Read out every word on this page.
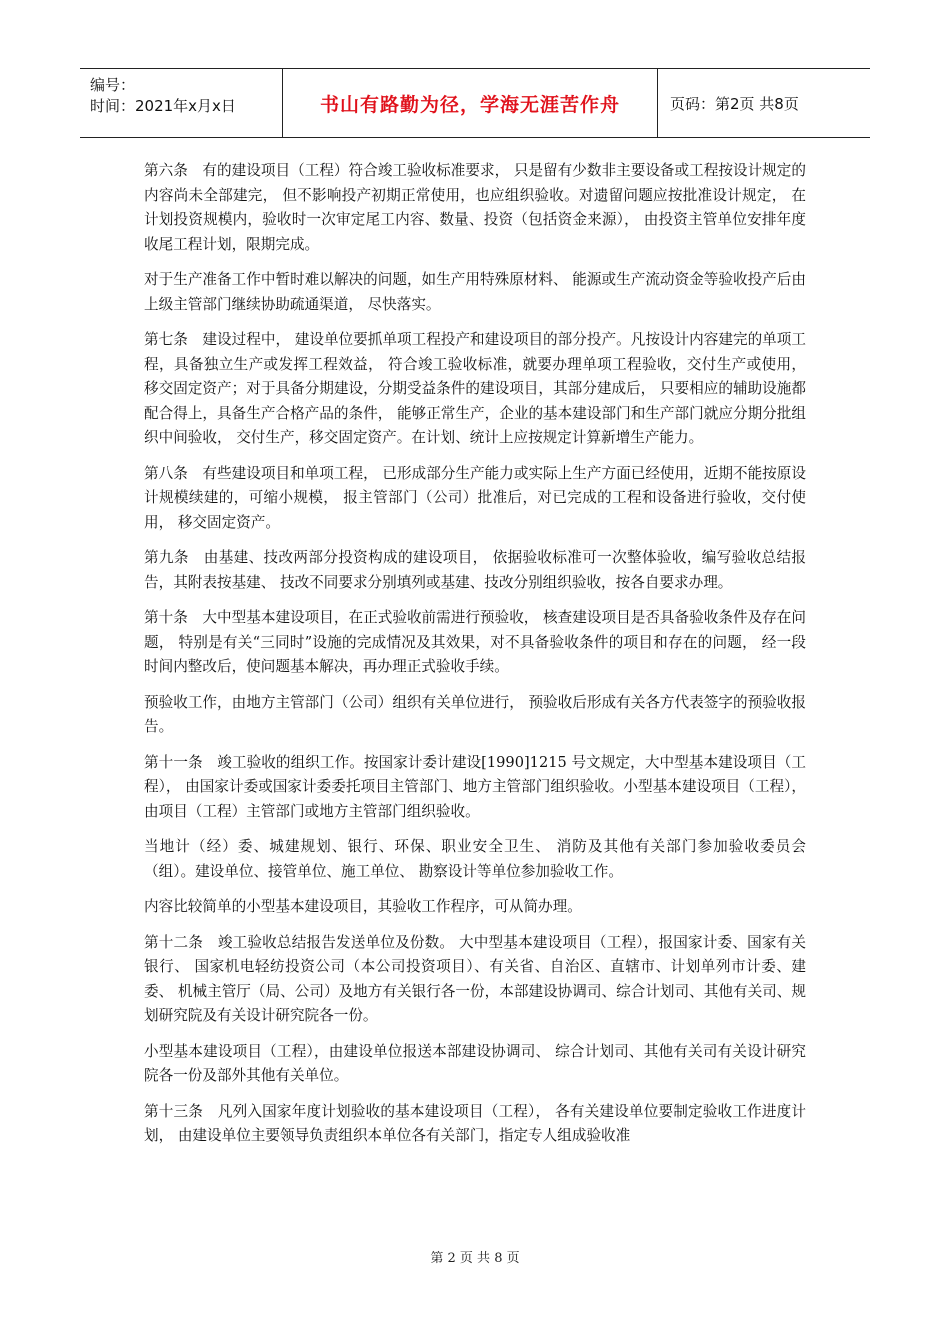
编号：
时间：2021年x月x日	书山有路勤为径，学海无涯苦作舟	页码：第2页 共8页

第六条　有的建设项目（工程）符合竣工验收标准要求， 只是留有少数非主要设备或工程按设计规定的内容尚未全部建完， 但不影响投产初期正常使用，也应组织验收。对遗留问题应按批准设计规定， 在计划投资规模内，验收时一次审定尾工内容、数量、投资（包括资金来源）， 由投资主管单位安排年度收尾工程计划，限期完成。

对于生产准备工作中暂时难以解决的问题，如生产用特殊原材料、 能源或生产流动资金等验收投产后由上级主管部门继续协助疏通渠道， 尽快落实。

第七条　建设过程中， 建设单位要抓单项工程投产和建设项目的部分投产。凡按设计内容建完的单项工程，具备独立生产或发挥工程效益， 符合竣工验收标准，就要办理单项工程验收，交付生产或使用， 移交固定资产；对于具备分期建设，分期受益条件的建设项目，其部分建成后， 只要相应的辅助设施都配合得上，具备生产合格产品的条件， 能够正常生产，企业的基本建设部门和生产部门就应分期分批组织中间验收， 交付生产，移交固定资产。在计划、统计上应按规定计算新增生产能力。

第八条　有些建设项目和单项工程， 已形成部分生产能力或实际上生产方面已经使用，近期不能按原设计规模续建的，可缩小规模， 报主管部门（公司）批准后，对已完成的工程和设备进行验收，交付使用， 移交固定资产。

第九条　由基建、技改两部分投资构成的建设项目， 依据验收标准可一次整体验收，编写验收总结报告，其附表按基建、 技改不同要求分别填列或基建、技改分别组织验收，按各自要求办理。

第十条　大中型基本建设项目，在正式验收前需进行预验收， 核查建设项目是否具备验收条件及存在问题， 特别是有关“三同时”设施的完成情况及其效果，对不具备验收条件的项目和存在的问题， 经一段时间内整改后，使问题基本解决，再办理正式验收手续。

预验收工作，由地方主管部门（公司）组织有关单位进行， 预验收后形成有关各方代表签字的预验收报告。

第十一条　竣工验收的组织工作。按国家计委计建设[1990]1215 号文规定，大中型基本建设项目（工程）， 由国家计委或国家计委委托项目主管部门、地方主管部门组织验收。小型基本建设项目（工程）， 由项目（工程）主管部门或地方主管部门组织验收。

当地计（经）委、城建规划、银行、环保、职业安全卫生、 消防及其他有关部门参加验收委员会（组）。建设单位、接管单位、施工单位、 勘察设计等单位参加验收工作。

内容比较简单的小型基本建设项目，其验收工作程序，可从简办理。

第十二条　竣工验收总结报告发送单位及份数。 大中型基本建设项目（工程），报国家计委、国家有关银行、 国家机电轻纺投资公司（本公司投资项目）、有关省、自治区、直辖市、计划单列市计委、建委、 机械主管厅（局、公司）及地方有关银行各一份，本部建设协调司、综合计划司、其他有关司、规划研究院及有关设计研究院各一份。

小型基本建设项目（工程），由建设单位报送本部建设协调司、 综合计划司、其他有关司有关设计研究院各一份及部外其他有关单位。

第十三条　凡列入国家年度计划验收的基本建设项目（工程）， 各有关建设单位要制定验收工作进度计划， 由建设单位主要领导负责组织本单位各有关部门，指定专人组成验收准

第 2 页 共 8 页
